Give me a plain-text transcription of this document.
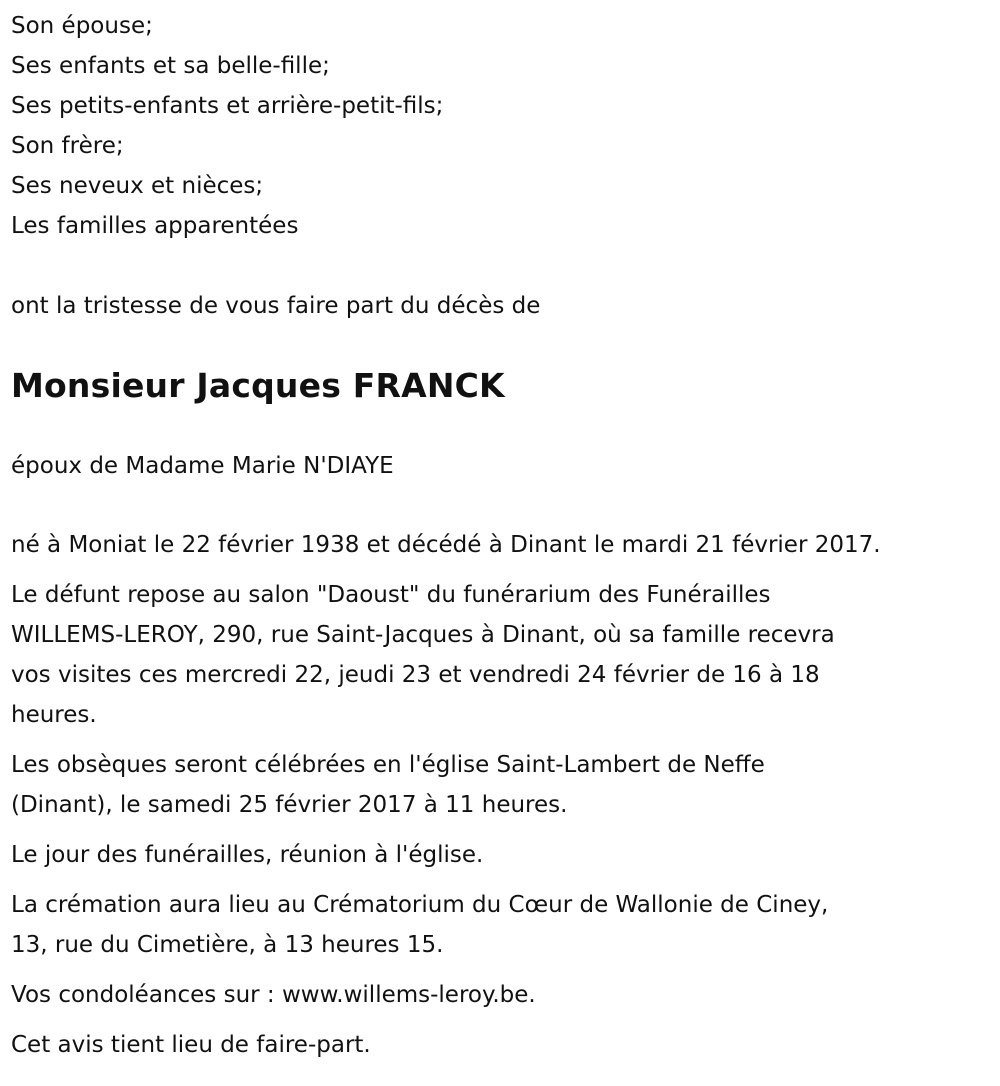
Son épouse;
Ses enfants et sa belle-fille;
Ses petits-enfants et arrière-petit-fils;
Son frère;
Ses neveux et nièces;
Les familles apparentées
ont la tristesse de vous faire part du décès de
Monsieur Jacques FRANCK
époux de Madame Marie N'DIAYE
né à Moniat le 22 février 1938 et décédé à Dinant le mardi 21 février 2017.
Le défunt repose au salon "Daoust" du funérarium des Funérailles
WILLEMS-LEROY, 290, rue Saint-Jacques à Dinant, où sa famille recevra
vos visites ces mercredi 22, jeudi 23 et vendredi 24 février de 16 à 18
heures.
Les obsèques seront célébrées en l'église Saint-Lambert de Neffe
(Dinant), le samedi 25 février 2017 à 11 heures.
Le jour des funérailles, réunion à l'église.
La crémation aura lieu au Crématorium du Cœur de Wallonie de Ciney,
13, rue du Cimetière, à 13 heures 15.
Vos condoléances sur : www.willems-leroy.be.
Cet avis tient lieu de faire-part.
